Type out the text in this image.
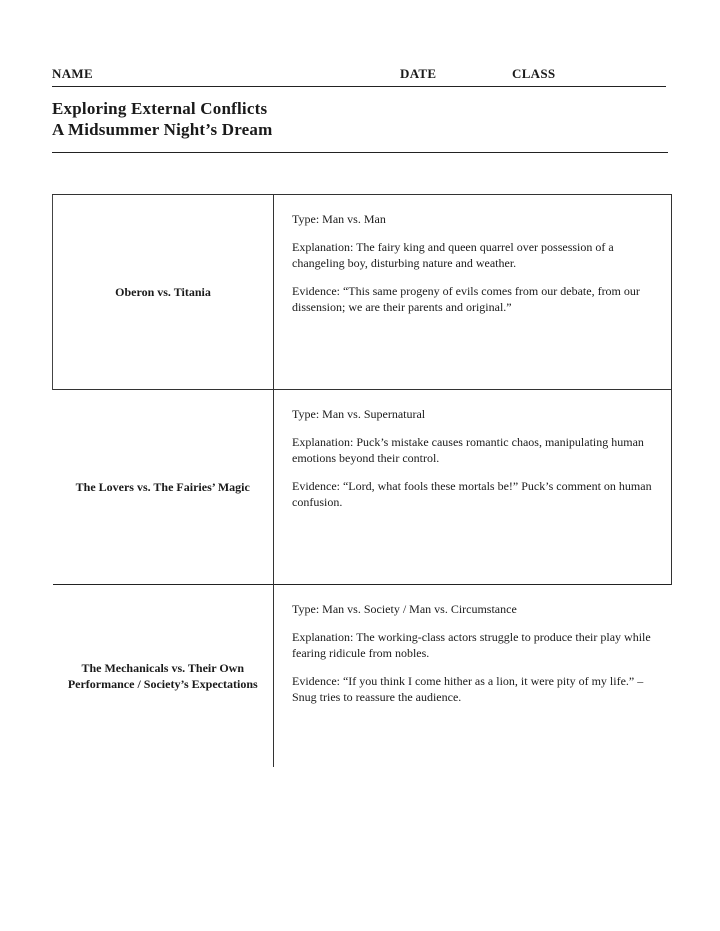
NAME	DATE	CLASS
Exploring External Conflicts
A Midsummer Night’s Dream
Oberon vs. Titania	Type: Man vs. Man

Explanation: The fairy king and queen quarrel over possession of a changeling boy, disturbing nature and weather.

Evidence: “This same progeny of evils comes from our debate, from our dissension; we are their parents and original.”

The Lovers vs. The Fairies’ Magic	Type: Man vs. Supernatural

Explanation: Puck’s mistake causes romantic chaos, manipulating human emotions beyond their control.

Evidence: “Lord, what fools these mortals be!” Puck’s comment on human confusion.

The Mechanicals vs. Their Own Performance / Society’s Expectations	Type: Man vs. Society / Man vs. Circumstance

Explanation: The working-class actors struggle to produce their play while fearing ridicule from nobles.

Evidence: “If you think I come hither as a lion, it were pity of my life.” – Snug tries to reassure the audience.
